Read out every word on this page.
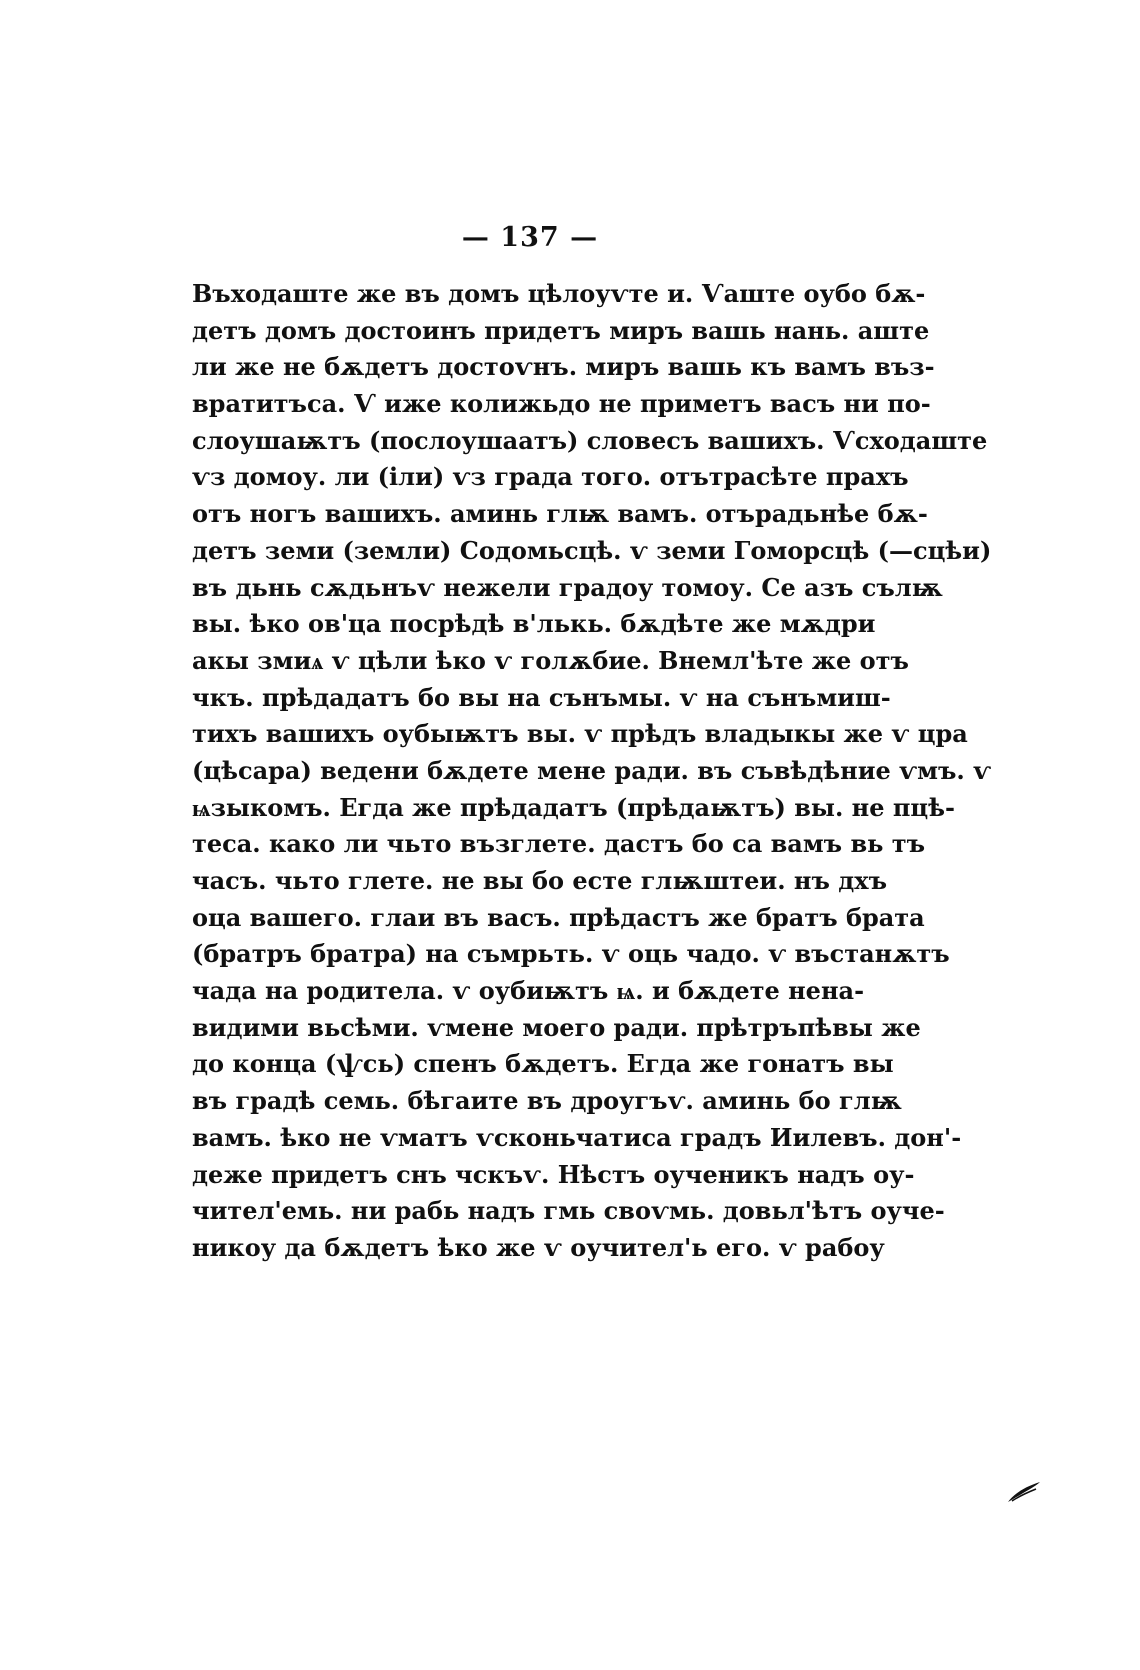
— 137 —
Въходаште же въ домъ цѣлоуѵте и. Ѵаште оубо бѫ-
детъ домъ достоинъ придетъ миръ вашь нань. аште
ли же не бѫдетъ достоѵнъ. миръ вашь къ вамъ въз-
вратитъса. Ѵ иже колижьдо не приметъ васъ ни по-
слоушаѭтъ (послоушаатъ) словесъ вашихъ. Ѵсходаште
ѵз домоу. ли (іли) ѵз града того. отътрасѣте прахъ
отъ ногъ вашихъ. аминь глѭ вамъ. отърадьнѣе бѫ-
детъ земи (земли) Содомьсцѣ. ѵ земи Гоморсцѣ (—сцѣи)
въ дьнь сѫдьнъѵ нежели градоу томоу. Се азъ сълѭ
вы. ѣко ов'ца посрѣдѣ в'лькь. бѫдѣте же мѫдри
акы змиѧ ѵ цѣли ѣко ѵ голѫбие. Внемл'ѣте же отъ
чкъ. прѣдадатъ бо вы на сънъмы. ѵ на сънъмиш-
тихъ вашихъ оубыѭтъ вы. ѵ прѣдъ владыкы же ѵ цра
(цѣсара) ведени бѫдете мене ради. въ съвѣдѣние ѵмъ. ѵ
ѩзыкомъ. Егда же прѣдадатъ (прѣдаѭтъ) вы. не пцѣ-
теса. како ли чьто възглете. дастъ бо са вамъ вь тъ
часъ. чьто глете. не вы бо есте глѭштеи. нъ дхъ
оца вашего. глаи въ васъ. прѣдастъ же братъ брата
(братръ братра) на съмрьть. ѵ оць чадо. ѵ въстанѫтъ
чада на родитела. ѵ оубиѭтъ ѩ. и бѫдете нена-
видими вьсѣми. ѵмене моего ради. прѣтръпѣвы же
до конца (ѱсь) спенъ бѫдетъ. Егда же гонатъ вы
въ градѣ семь. бѣгаите въ дроугъѵ. аминь бо глѭ
вамъ. ѣко не ѵматъ ѵсконьчатиса градъ Иилевъ. дон'-
деже придетъ снъ чскъѵ. Нѣстъ оученикъ надъ оу-
чител'емь. ни рабь надъ гмь своѵмь. довьл'ѣтъ оуче-
никоу да бѫдетъ ѣко же ѵ оучител'ь его. ѵ рабоу
